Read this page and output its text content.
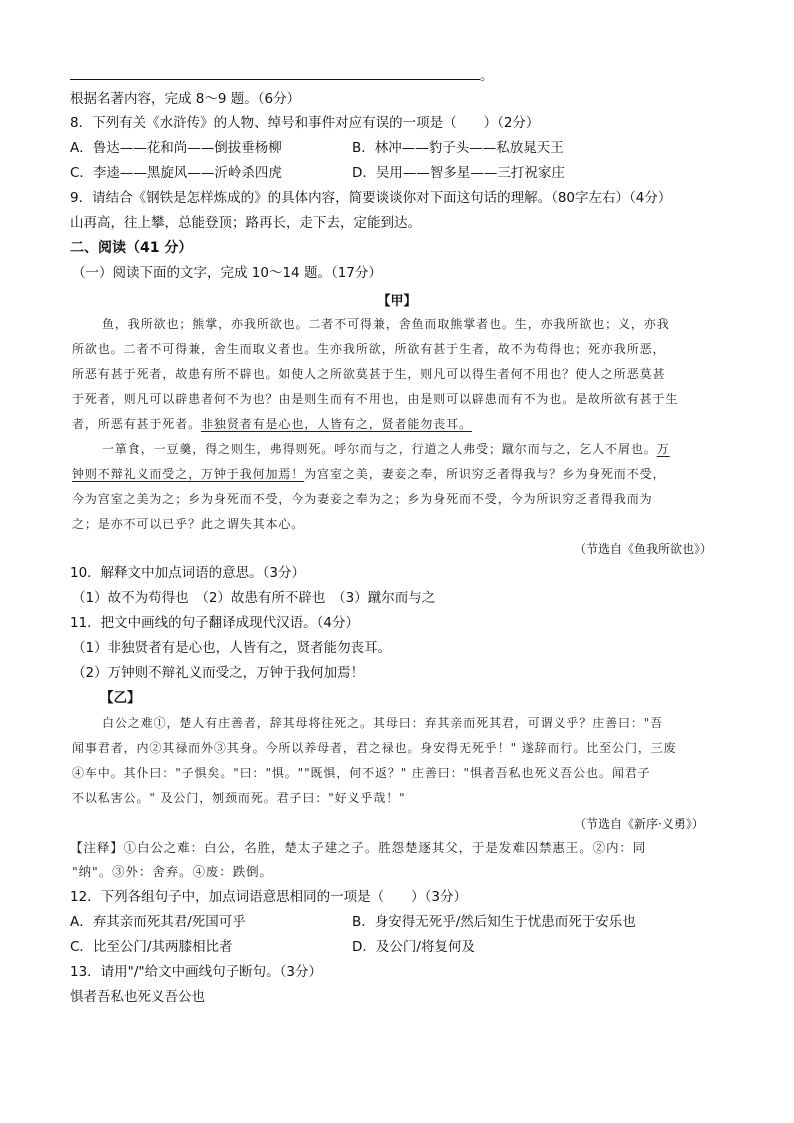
。
根据名著内容，完成 8～9 题。（6分）
8．下列有关《水浒传》的人物、绰号和事件对应有误的一项是（　　）（2分）
A．鲁达——花和尚——倒拔垂杨柳	B．林冲——豹子头——私放晁天王
C．李逵——黑旋风——沂岭杀四虎	D．吴用——智多星——三打祝家庄
9．请结合《钢铁是怎样炼成的》的具体内容，简要谈谈你对下面这句话的理解。（80字左右）（4分）
山再高，往上攀，总能登顶；路再长，走下去，定能到达。
二、阅读（41 分）
（一）阅读下面的文字，完成 10～14 题。（17分）
【甲】
鱼，我所欲也；熊掌，亦我所欲也。二者不可得兼，舍鱼而取熊掌者也。生，亦我所欲也；义，亦我
所欲也。二者不可得兼，舍生而取义者也。生亦我所欲，所欲有甚于生者，故不为苟得也；死亦我所恶，
所恶有甚于死者，故患有所不辟也。如使人之所欲莫甚于生，则凡可以得生者何不用也？使人之所恶莫甚
于死者，则凡可以辟患者何不为也？由是则生而有不用也，由是则可以辟患而有不为也。是故所欲有甚于生
者，所恶有甚于死者。非独贤者有是心也，人皆有之，贤者能勿丧耳。
一箪食，一豆羹，得之则生，弗得则死。呼尔而与之，行道之人弗受；蹴尔而与之，乞人不屑也。万
钟则不辩礼义而受之，万钟于我何加焉！为宫室之美，妻妾之奉，所识穷乏者得我与？乡为身死而不受，
今为宫室之美为之；乡为身死而不受，今为妻妾之奉为之；乡为身死而不受，今为所识穷乏者得我而为
之；是亦不可以已乎？此之谓失其本心。
（节选自《鱼我所欲也》）
10．解释文中加点词语的意思。（3分）
（1）故不为苟得也　（2）故患有所不辟也　（3）蹴尔而与之
11．把文中画线的句子翻译成现代汉语。（4分）
（1）非独贤者有是心也，人皆有之，贤者能勿丧耳。
（2）万钟则不辩礼义而受之，万钟于我何加焉！
【乙】
白公之难①，楚人有庄善者，辞其母将往死之。其母曰：弃其亲而死其君，可谓义乎？庄善曰："吾
闻事君者，内②其禄而外③其身。今所以养母者，君之禄也。身安得无死乎！" 遂辞而行。比至公门，三废
④车中。其仆曰："子惧矣。"曰："惧。""既惧，何不返？" 庄善曰："惧者吾私也死义吾公也。闻君子
不以私害公。" 及公门，刎颈而死。君子曰："好义乎哉！"
（节选自《新序·义勇》）
【注释】①白公之难：白公，名胜，楚太子建之子。胜怨楚逐其父，于是发难囚禁惠王。②内：同
"纳"。③外：舍弃。④废：跌倒。
12．下列各组句子中，加点词语意思相同的一项是（　　）（3分）
A．弃其亲而死其君/死国可乎	B．身安得无死乎/然后知生于忧患而死于安乐也
C．比至公门/其两膝相比者	D．及公门/将复何及
13．请用"/"给文中画线句子断句。（3分）
惧者吾私也死义吾公也
